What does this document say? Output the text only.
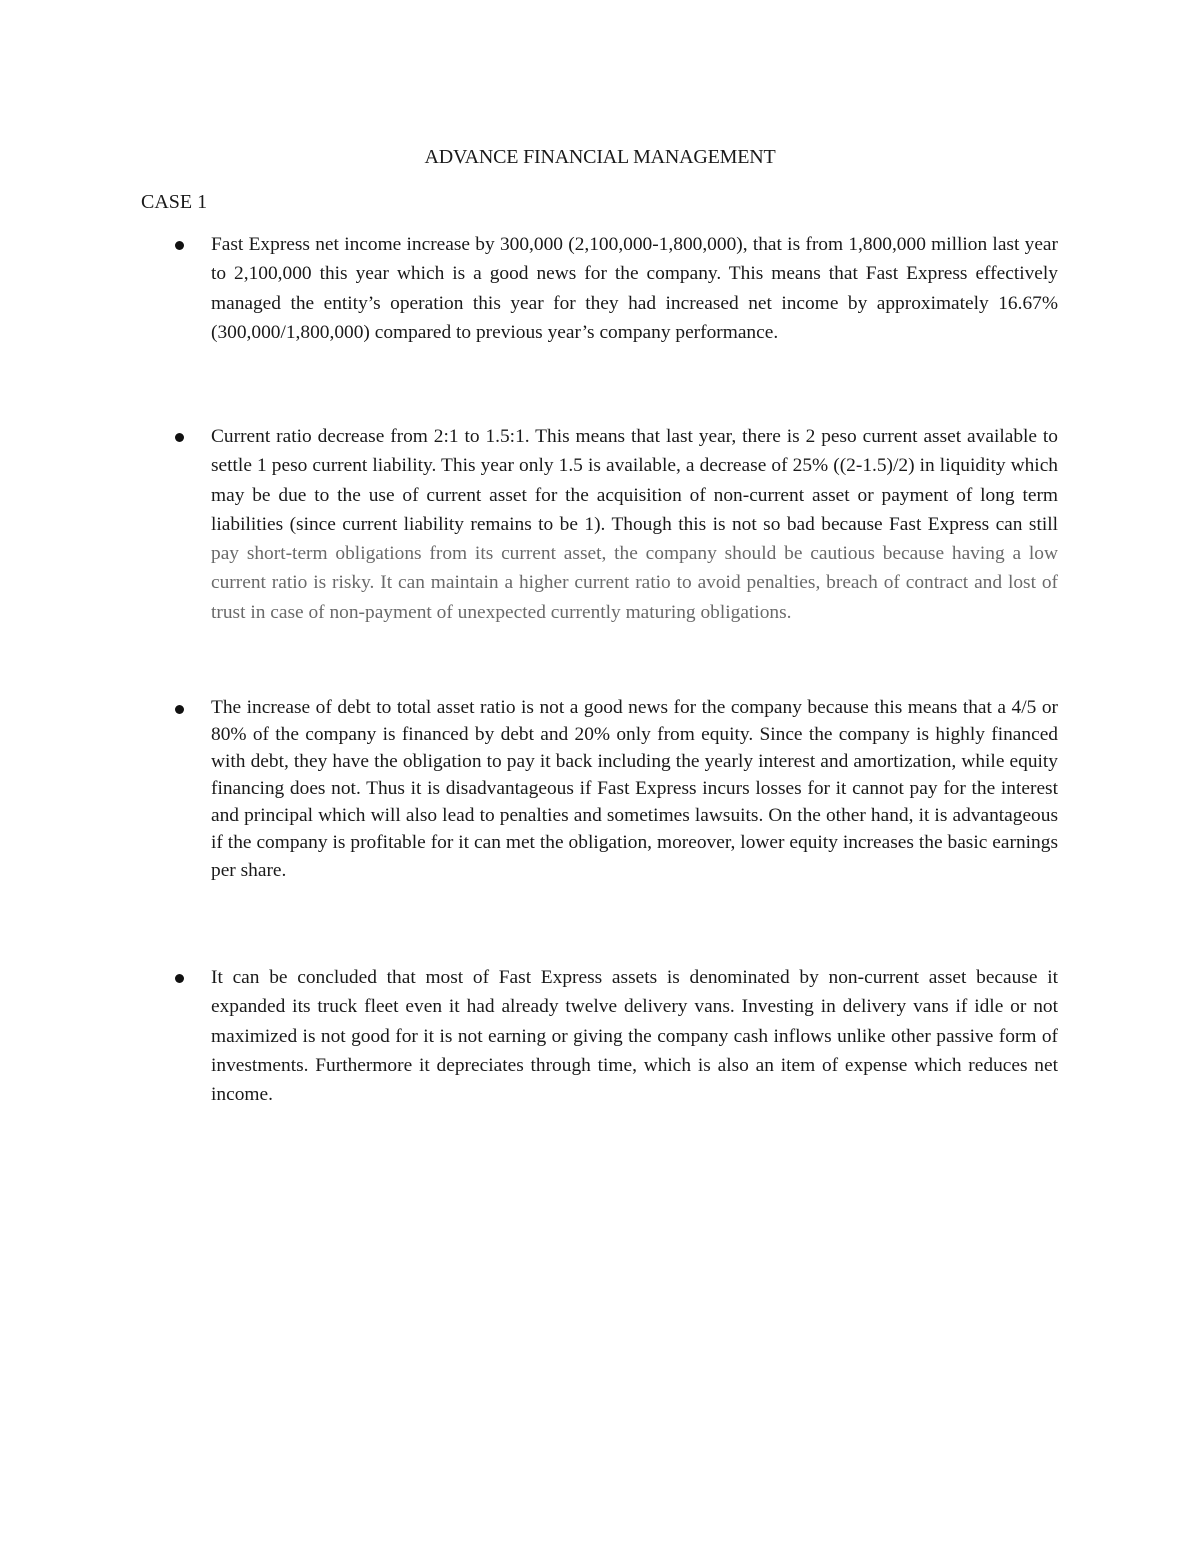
ADVANCE FINANCIAL MANAGEMENT
CASE 1
Fast Express net income increase by 300,000 (2,100,000-1,800,000), that is from 1,800,000 million last year to 2,100,000 this year which is a good news for the company. This means that Fast Express effectively managed the entity’s operation this year for they had increased net income by approximately 16.67% (300,000/1,800,000) compared to previous year’s company performance.
Current ratio decrease from 2:1 to 1.5:1. This means that last year, there is 2 peso current asset available to settle 1 peso current liability. This year only 1.5 is available, a decrease of 25% ((2-1.5)/2) in liquidity which may be due to the use of current asset for the acquisition of non-current asset or payment of long term liabilities (since current liability remains to be 1). Though this is not so bad because Fast Express can still pay short-term obligations from its current asset, the company should be cautious because having a low current ratio is risky. It can maintain a higher current ratio to avoid penalties, breach of contract and lost of trust in case of non-payment of unexpected currently maturing obligations.
The increase of debt to total asset ratio is not a good news for the company because this means that a 4/5 or 80% of the company is financed by debt and 20% only from equity. Since the company is highly financed with debt, they have the obligation to pay it back including the yearly interest and amortization, while equity financing does not. Thus it is disadvantageous if Fast Express incurs losses for it cannot pay for the interest and principal which will also lead to penalties and sometimes lawsuits. On the other hand, it is advantageous if the company is profitable for it can met the obligation, moreover, lower equity increases the basic earnings per share.
It can be concluded that most of Fast Express assets is denominated by non-current asset because it expanded its truck fleet even it had already twelve delivery vans. Investing in delivery vans if idle or not maximized is not good for it is not earning or giving the company cash inflows unlike other passive form of investments. Furthermore it depreciates through time, which is also an item of expense which reduces net income.
